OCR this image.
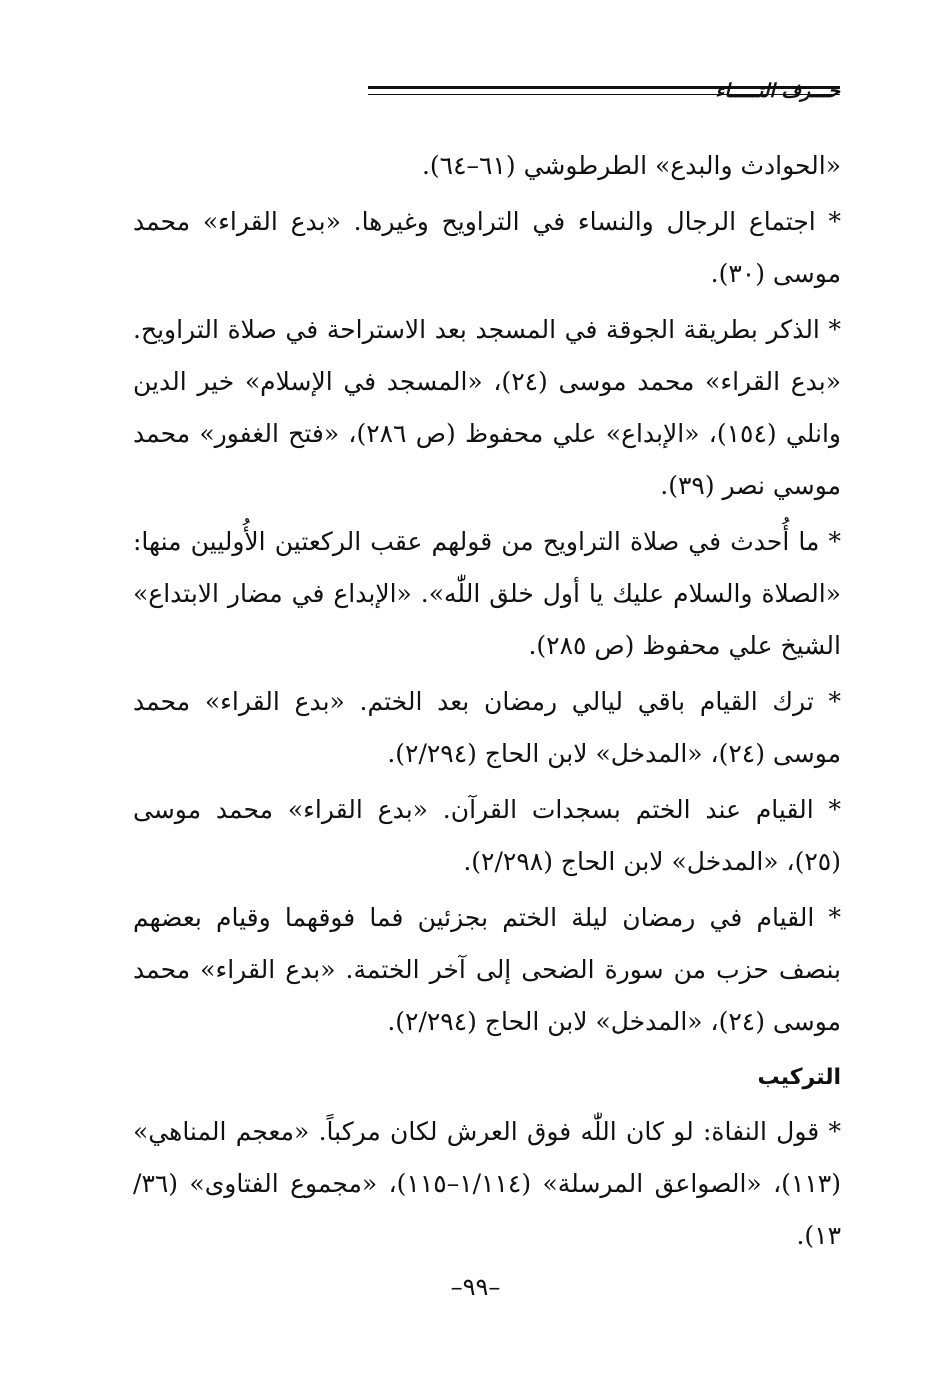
حـــرف التـــــاء

«الحوادث والبدع» الطرطوشي (٦١–٦٤).

* اجتماع الرجال والنساء في التراويح وغيرها. «بدع القراء» محمد موسى (٣٠).

* الذكر بطريقة الجوقة في المسجد بعد الاستراحة في صلاة التراويح. «بدع القراء» محمد موسى (٢٤)، «المسجد في الإسلام» خير الدين وانلي (١٥٤)، «الإبداع» علي محفوظ (ص ٢٨٦)، «فتح الغفور» محمد موسي نصر (٣٩).

* ما أُحدث في صلاة التراويح من قولهم عقب الركعتين الأُوليين منها: «الصلاة والسلام عليك يا أول خلق اللّٰه». «الإبداع في مضار الابتداع» الشيخ علي محفوظ (ص ٢٨٥).

* ترك القيام باقي ليالي رمضان بعد الختم. «بدع القراء» محمد موسى (٢٤)، «المدخل» لابن الحاج (٢/٢٩٤).

* القيام عند الختم بسجدات القرآن. «بدع القراء» محمد موسى (٢٥)، «المدخل» لابن الحاج (٢/٢٩٨).

* القيام في رمضان ليلة الختم بجزئين فما فوقهما وقيام بعضهم بنصف حزب من سورة الضحى إلى آخر الختمة. «بدع القراء» محمد موسى (٢٤)، «المدخل» لابن الحاج (٢/٢٩٤).

التركيب

* قول النفاة: لو كان اللّٰه فوق العرش لكان مركباً. «معجم المناهي» (١١٣)، «الصواعق المرسلة» (١/١١٤–١١٥)، «مجموع الفتاوى» (٣٦/ ١٣).

–٩٩–
